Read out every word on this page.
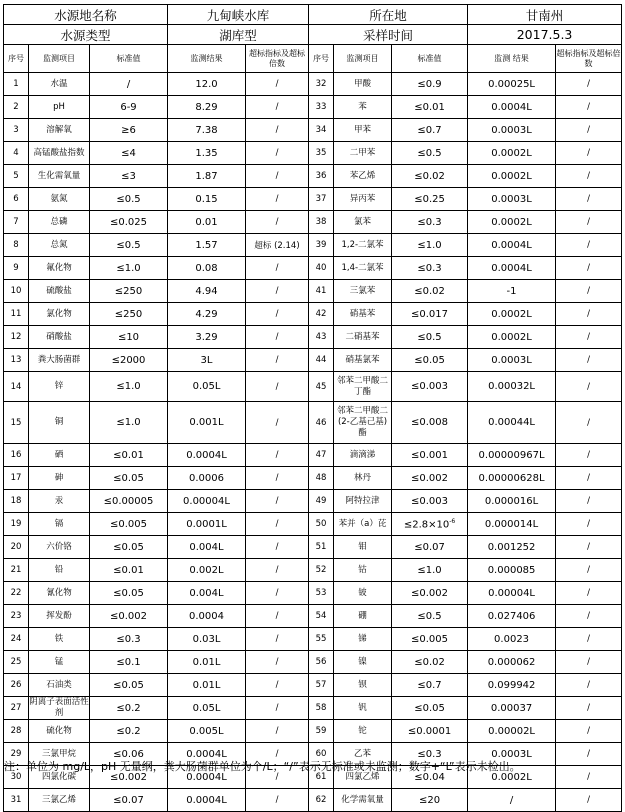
水源地名称			九甸峡水库		所在地			甘南州	
水源类型			湖库型		采样时间			2017.5.3	
序号	监测项目	标准值	监测结果	超标指标及超标倍数	序号	监测项目	标准值	监测 结果	超标指标及超标倍数
1	水温	/	12.0	/	32	甲酸	≤0.9	0.00025L	/
2	pH	6-9	8.29	/	33	苯	≤0.01	0.0004L	/
3	溶解氧	≥6	7.38	/	34	甲苯	≤0.7	0.0003L	/
4	高锰酸盐指数	≤4	1.35	/	35	二甲苯	≤0.5	0.0002L	/
5	生化需氧量	≤3	1.87	/	36	苯乙烯	≤0.02	0.0002L	/
6	氨氮	≤0.5	0.15	/	37	异丙苯	≤0.25	0.0003L	/
7	总磷	≤0.025	0.01	/	38	氯苯	≤0.3	0.0002L	/
8	总氮	≤0.5	1.57	超标 (2.14)	39	1,2-二氯苯	≤1.0	0.0004L	/
9	氟化物	≤1.0	0.08	/	40	1,4-二氯苯	≤0.3	0.0004L	/
10	硫酸盐	≤250	4.94	/	41	三氯苯	≤0.02	-1	/
11	氯化物	≤250	4.29	/	42	硝基苯	≤0.017	0.0002L	/
12	硝酸盐	≤10	3.29	/	43	二硝基苯	≤0.5	0.0002L	/
13	粪大肠菌群	≤2000	3L	/	44	硝基氯苯	≤0.05	0.0003L	/
14	锌	≤1.0	0.05L	/	45	邻苯二甲酸二丁酯	≤0.003	0.00032L	/
15	铜	≤1.0	0.001L	/	46	邻苯二甲酸二(2-乙基己基)酯	≤0.008	0.00044L	/
16	硒	≤0.01	0.0004L	/	47	滴滴涕	≤0.001	0.00000967L	/
17	砷	≤0.05	0.0006	/	48	林丹	≤0.002	0.00000628L	/
18	汞	≤0.00005	0.00004L	/	49	阿特拉津	≤0.003	0.000016L	/
19	镉	≤0.005	0.0001L	/	50	苯并（a）芘	$\le 2.8\times 10^{-6}$	0.000014L	/
20	六价铬	≤0.05	0.004L	/	51	钼	≤0.07	0.001252	/
21	铅	≤0.01	0.002L	/	52	钴	≤1.0	0.000085	/
22	氰化物	≤0.05	0.004L	/	53	铍	≤0.002	0.00004L	/
23	挥发酚	≤0.002	0.0004	/	54	硼	≤0.5	0.027406	/
24	铁	≤0.3	0.03L	/	55	锑	≤0.005	0.0023	/
25	锰	≤0.1	0.01L	/	56	镍	≤0.02	0.000062	/
26	石油类	≤0.05	0.01L	/	57	钡	≤0.7	0.099942	/
27	阴离子表面活性剂	≤0.2	0.05L	/	58	钒	≤0.05	0.00037	/
28	硫化物	≤0.2	0.005L	/	59	铊	≤0.0001	0.00002L	/
29	三氯甲烷	≤0.06	0.0004L	/	60	乙苯	≤0.3	0.0003L	/
30	四氯化碳	≤0.002	0.0004L	/	61	四氯乙烯	≤0.04	0.0002L	/
31	三氯乙烯	≤0.07	0.0004L	/	62	化学需氧量	≤20	/	/
注：单位为 mg/L，pH 无量纲，粪大肠菌群单位为个/L；“/”表示无标准或未监测；数字+“L”表示未检出。
